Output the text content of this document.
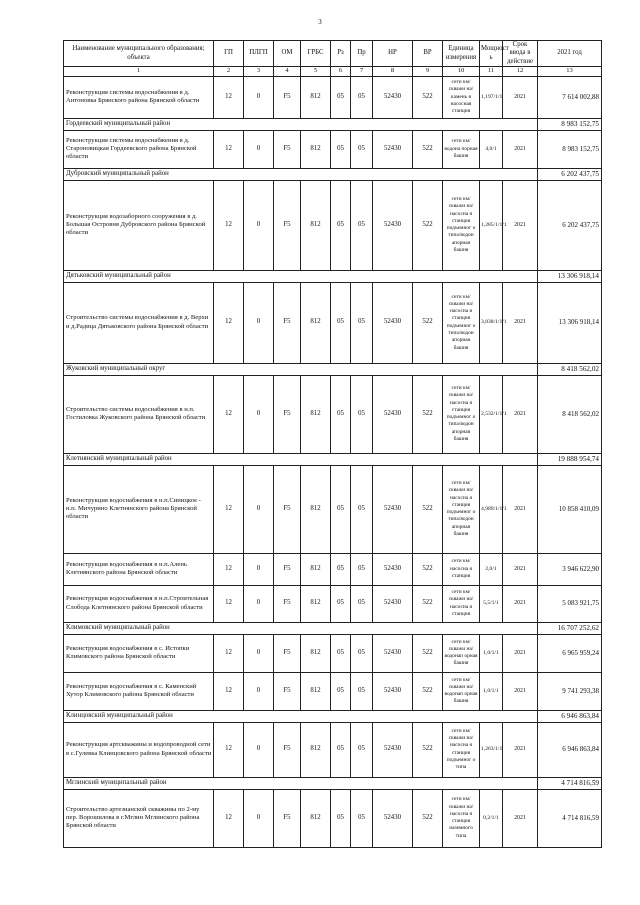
3
Наименование муниципального образования; объекта	ГП	ПЛГП	ОМ	ГРБС	Рз	Пр	НР	ВР	Единица измерения	Мощност ь	Срок ввода в действие	2021 год
1	2	3	4	5	6	7	8	9	10	11	12	13
Реконструкция системы водоснабжения в д. Антоновка Брянского района Брянской области	12	0	F5	812	05	05	52430	522	сети км/скважи на/камень я насосная станция	1,197/1/1	2021	7 614 002,88
Гордеевский муниципальный район												8 983 152,75
Реконструкция системы водоснабжения в д. Староновицкая Гордеевского района Брянской области	12	0	F5	812	05	05	52430	522	сети км/водона порная башня	4,0/1	2021	8 983 152,75
Дубровский муниципальный район												6 202 437,75
Реконструкция водозаборного сооружения в д. Большая Островня Дубровского района Брянской области	12	0	F5	812	05	05	52430	522	сети км/скважи на/насосна я станция подъемног о типа/водон апорная башня	1,285/1/1/1	2021	6 202 437,75
Дятьковский муниципальный район												13 306 918,14
Строительство системы водоснабжения в д. Верхи и д.Радица Дятьковского района Брянской области	12	0	F5	812	05	05	52430	522	сети км/скважи на/насосна я станция подъемног о типа/водон апорная башня	3,838/1/1/1	2021	13 306 918,14
Жуковский муниципальный округ												8 418 562,02
Строительство системы водоснабжения в н.п. Гостиловка Жуковского района Брянской области	12	0	F5	812	05	05	52430	522	сети км/скважи на/насосна я станция подъемног о типа/водон апорная башня	2,532/1/1/1	2021	8 418 562,02
Клетнянский муниципальный район												19 888 954,74
Реконструкция водоснабжения в н.п.Синицкое - н.п. Мичурино Клетнянского района Брянской области	12	0	F5	812	05	05	52430	522	сети км/скважи на/насосна я станция подъемног о типа/водон апорная башня	4,989/1/1/1	2021	10 858 410,09
Реконструкция водоснабжения в н.п.Алень Клетнянского района Брянской области	12	0	F5	812	05	05	52430	522	сети км/насосна я станция	2,0/1	2021	3 946 622,90
Реконструкция водоснабжения в н.п.Строительная Слобода Клетнянского района Брянской области	12	0	F5	812	05	05	52430	522	сети км/скважи на/насосна я станция	5,5/1/1	2021	5 083 921,75
Климовский муниципальный район												16 707 252,62
Реконструкция водоснабжения в с. Истопки Климовского района Брянской области	12	0	F5	812	05	05	52430	522	сети км/скважи на/водонап орная башня	1,0/1/1	2021	6 965 959,24
Реконструкция водоснабжения в с. Каменский Хутор Климовского района Брянской области	12	0	F5	812	05	05	52430	522	сети км/скважи на/водонап орная башня	1,0/1/1	2021	9 741 293,38
Клинцовский муниципальный район												6 946 863,84
Реконструкция артскважины и водопроводной сети в с.Гулевка Клинцовского района Брянской области	12	0	F5	812	05	05	52430	522	сети км/скважи на/насосна я станция подъемног о типа	1,263/1/1	2021	6 946 863,84
Мглинский муниципальный район												4 714 816,59
Строительство артезианской скважины по 2-му пер. Ворошилова в г.Мглин Мглинского района Брянской области	12	0	F5	812	05	05	52430	522	сети км/скважи на/насосна я станция наземного типа	0,2/1/1	2021	4 714 816,59
